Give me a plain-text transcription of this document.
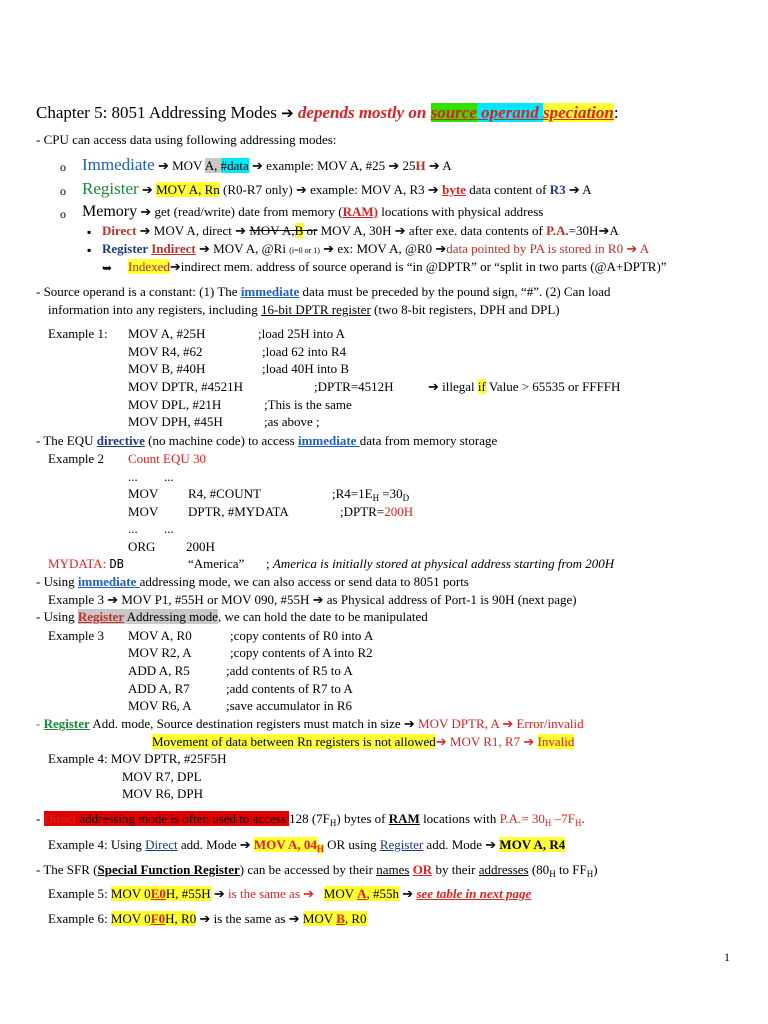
Chapter 5: 8051 Addressing Modes ➔ depends mostly on source operand speciation:
- CPU can access data using following addressing modes:
o Immediate ➔ MOV A, #data ➔ example: MOV A, #25 ➔ 25H ➔ A
o Register ➔ MOV A, Rn (R0-R7 only) ➔ example: MOV A, R3 ➔ byte data content of R3 ➔ A
o Memory ➔ get (read/write) date from memory (RAM) locations with physical address
▪ Direct ➔ MOV A, direct ➔ MOV A,B or MOV A, 30H ➔ after exe. data contents of P.A.=30H➔A
▪ Register Indirect ➔ MOV A, @Ri (i=0 or 1) ➔ ex: MOV A, @R0 ➔data pointed by PA is stored in R0 ➔ A
➥ Indexed➔indirect mem. address of source operand is “in @DPTR” or “split in two parts (@A+DPTR)”
- Source operand is a constant: (1) The immediate data must be preceded by the pound sign, “#”. (2) Can load
information into any registers, including 16-bit DPTR register (two 8-bit registers, DPH and DPL)
Example 1: MOV A, #25H	;load 25H into A
MOV R4, #62	;load 62 into R4
MOV B, #40H	;load 40H into B
MOV DPTR, #4521H	;DPTR=4512H	➔ illegal if Value > 65535 or FFFFH
MOV DPL, #21H	;This is the same
MOV DPH, #45H	;as above ;
- The EQU directive (no machine code) to access immediate data from memory storage
Example 2 Count EQU 30
... ...
MOV R4, #COUNT	$;R4=1E_H =30_D$
MOV DPTR, #MYDATA	;DPTR=200H
... ...
ORG 200H
MYDATA: DB	“America” ; America is initially stored at physical address starting from 200H
- Using immediate addressing mode, we can also access or send data to 8051 ports
Example 3 ➔ MOV P1, #55H or MOV 090, #55H ➔ as Physical address of Port-1 is 90H (next page)
- Using Register Addressing mode, we can hold the date to be manipulated
Example 3 MOV A, R0	;copy contents of R0 into A
MOV R2, A	;copy contents of A into R2
ADD A, R5	;add contents of R5 to A
ADD A, R7	;add contents of R7 to A
MOV R6, A	;save accumulator in R6
- Register Add. mode, Source destination registers must match in size ➔ MOV DPTR, A ➔ Error/invalid
Movement of data between Rn registers is not allowed➔ MOV R1, R7 ➔ Invalid
Example 4: MOV DPTR, #25F5H
MOV R7, DPL
MOV R6, DPH
- Direct addressing mode is often used to access 128 $(7F_H)$ bytes of RAM locations with $P.A.= 30_H$ $-7F_H$.
Example 4: Using Direct add. Mode ➔ MOV A, $04_H$ OR using Register add. Mode ➔ MOV A, R4
- The SFR (Special Function Register) can be accessed by their names OR by their addresses ($80_H$ to $FF_H$)
Example 5: MOV 0E0H, #55H ➔ is the same as ➔ MOV A, #55h ➔ see table in next page
Example 6: MOV 0F0H, R0 ➔ is the same as ➔ MOV B, R0
1
